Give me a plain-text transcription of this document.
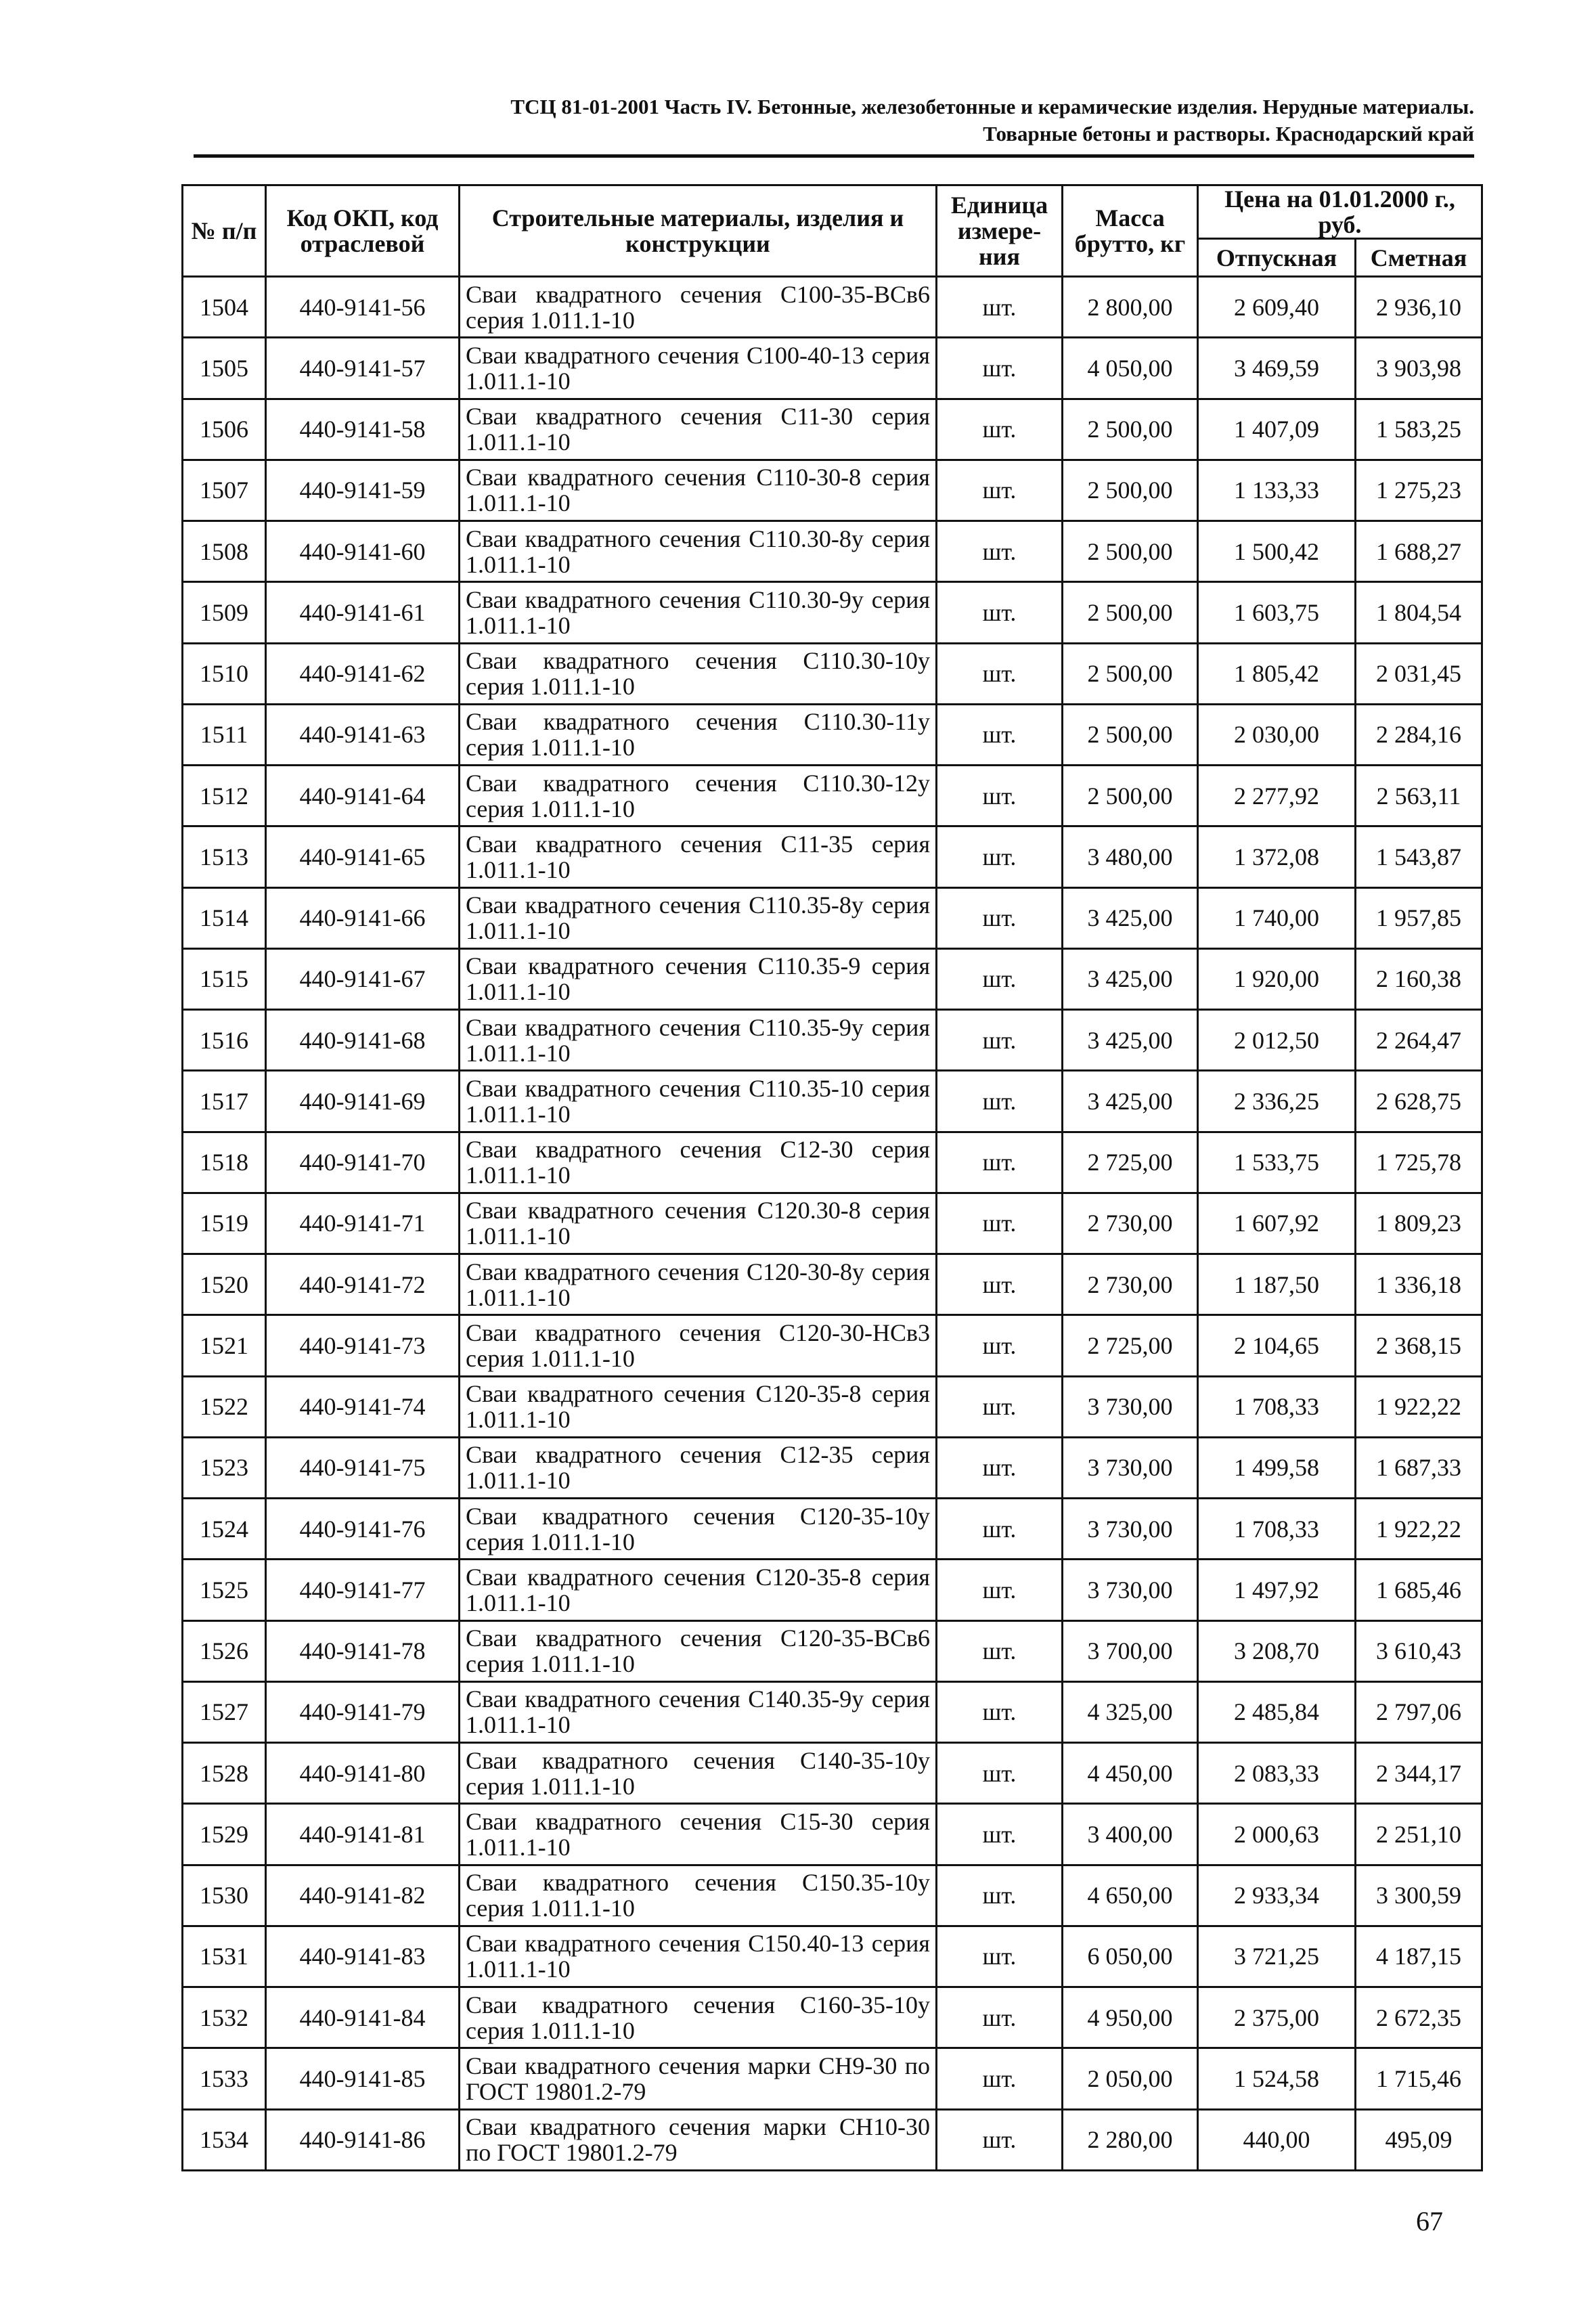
ТСЦ 81-01-2001 Часть IV. Бетонные, железобетонные и керамические изделия. Нерудные материалы.
Товарные бетоны и растворы. Краснодарский край
№ п/п	Код ОКП, код отраслевой	Строительные материалы, изделия и конструкции	Единица измере-ния	Масса брутто, кг	Цена на 01.01.2000 г., руб.	
					Отпускная	Сметная
1504	440-9141-56	Сваи квадратного сечения С100-35-ВСв6 серия 1.011.1-10	шт.	2 800,00	2 609,40	2 936,10
1505	440-9141-57	Сваи квадратного сечения С100-40-13 серия 1.011.1-10	шт.	4 050,00	3 469,59	3 903,98
1506	440-9141-58	Сваи квадратного сечения С11-30 серия 1.011.1-10	шт.	2 500,00	1 407,09	1 583,25
1507	440-9141-59	Сваи квадратного сечения С110-30-8 серия 1.011.1-10	шт.	2 500,00	1 133,33	1 275,23
1508	440-9141-60	Сваи квадратного сечения С110.30-8у серия 1.011.1-10	шт.	2 500,00	1 500,42	1 688,27
1509	440-9141-61	Сваи квадратного сечения С110.30-9у серия 1.011.1-10	шт.	2 500,00	1 603,75	1 804,54
1510	440-9141-62	Сваи квадратного сечения С110.30-10у серия 1.011.1-10	шт.	2 500,00	1 805,42	2 031,45
1511	440-9141-63	Сваи квадратного сечения С110.30-11у серия 1.011.1-10	шт.	2 500,00	2 030,00	2 284,16
1512	440-9141-64	Сваи квадратного сечения С110.30-12у серия 1.011.1-10	шт.	2 500,00	2 277,92	2 563,11
1513	440-9141-65	Сваи квадратного сечения С11-35 серия 1.011.1-10	шт.	3 480,00	1 372,08	1 543,87
1514	440-9141-66	Сваи квадратного сечения С110.35-8у серия 1.011.1-10	шт.	3 425,00	1 740,00	1 957,85
1515	440-9141-67	Сваи квадратного сечения С110.35-9 серия 1.011.1-10	шт.	3 425,00	1 920,00	2 160,38
1516	440-9141-68	Сваи квадратного сечения С110.35-9у серия 1.011.1-10	шт.	3 425,00	2 012,50	2 264,47
1517	440-9141-69	Сваи квадратного сечения С110.35-10 серия 1.011.1-10	шт.	3 425,00	2 336,25	2 628,75
1518	440-9141-70	Сваи квадратного сечения С12-30 серия 1.011.1-10	шт.	2 725,00	1 533,75	1 725,78
1519	440-9141-71	Сваи квадратного сечения С120.30-8 серия 1.011.1-10	шт.	2 730,00	1 607,92	1 809,23
1520	440-9141-72	Сваи квадратного сечения С120-30-8у серия 1.011.1-10	шт.	2 730,00	1 187,50	1 336,18
1521	440-9141-73	Сваи квадратного сечения С120-30-НСв3 серия 1.011.1-10	шт.	2 725,00	2 104,65	2 368,15
1522	440-9141-74	Сваи квадратного сечения С120-35-8 серия 1.011.1-10	шт.	3 730,00	1 708,33	1 922,22
1523	440-9141-75	Сваи квадратного сечения С12-35 серия 1.011.1-10	шт.	3 730,00	1 499,58	1 687,33
1524	440-9141-76	Сваи квадратного сечения С120-35-10у серия 1.011.1-10	шт.	3 730,00	1 708,33	1 922,22
1525	440-9141-77	Сваи квадратного сечения С120-35-8 серия 1.011.1-10	шт.	3 730,00	1 497,92	1 685,46
1526	440-9141-78	Сваи квадратного сечения С120-35-ВСв6 серия 1.011.1-10	шт.	3 700,00	3 208,70	3 610,43
1527	440-9141-79	Сваи квадратного сечения С140.35-9у серия 1.011.1-10	шт.	4 325,00	2 485,84	2 797,06
1528	440-9141-80	Сваи квадратного сечения С140-35-10у серия 1.011.1-10	шт.	4 450,00	2 083,33	2 344,17
1529	440-9141-81	Сваи квадратного сечения С15-30 серия 1.011.1-10	шт.	3 400,00	2 000,63	2 251,10
1530	440-9141-82	Сваи квадратного сечения С150.35-10у серия 1.011.1-10	шт.	4 650,00	2 933,34	3 300,59
1531	440-9141-83	Сваи квадратного сечения С150.40-13 серия 1.011.1-10	шт.	6 050,00	3 721,25	4 187,15
1532	440-9141-84	Сваи квадратного сечения С160-35-10у серия 1.011.1-10	шт.	4 950,00	2 375,00	2 672,35
1533	440-9141-85	Сваи квадратного сечения марки СН9-30 по ГОСТ 19801.2-79	шт.	2 050,00	1 524,58	1 715,46
1534	440-9141-86	Сваи квадратного сечения марки СН10-30 по ГОСТ 19801.2-79	шт.	2 280,00	440,00	495,09
67
